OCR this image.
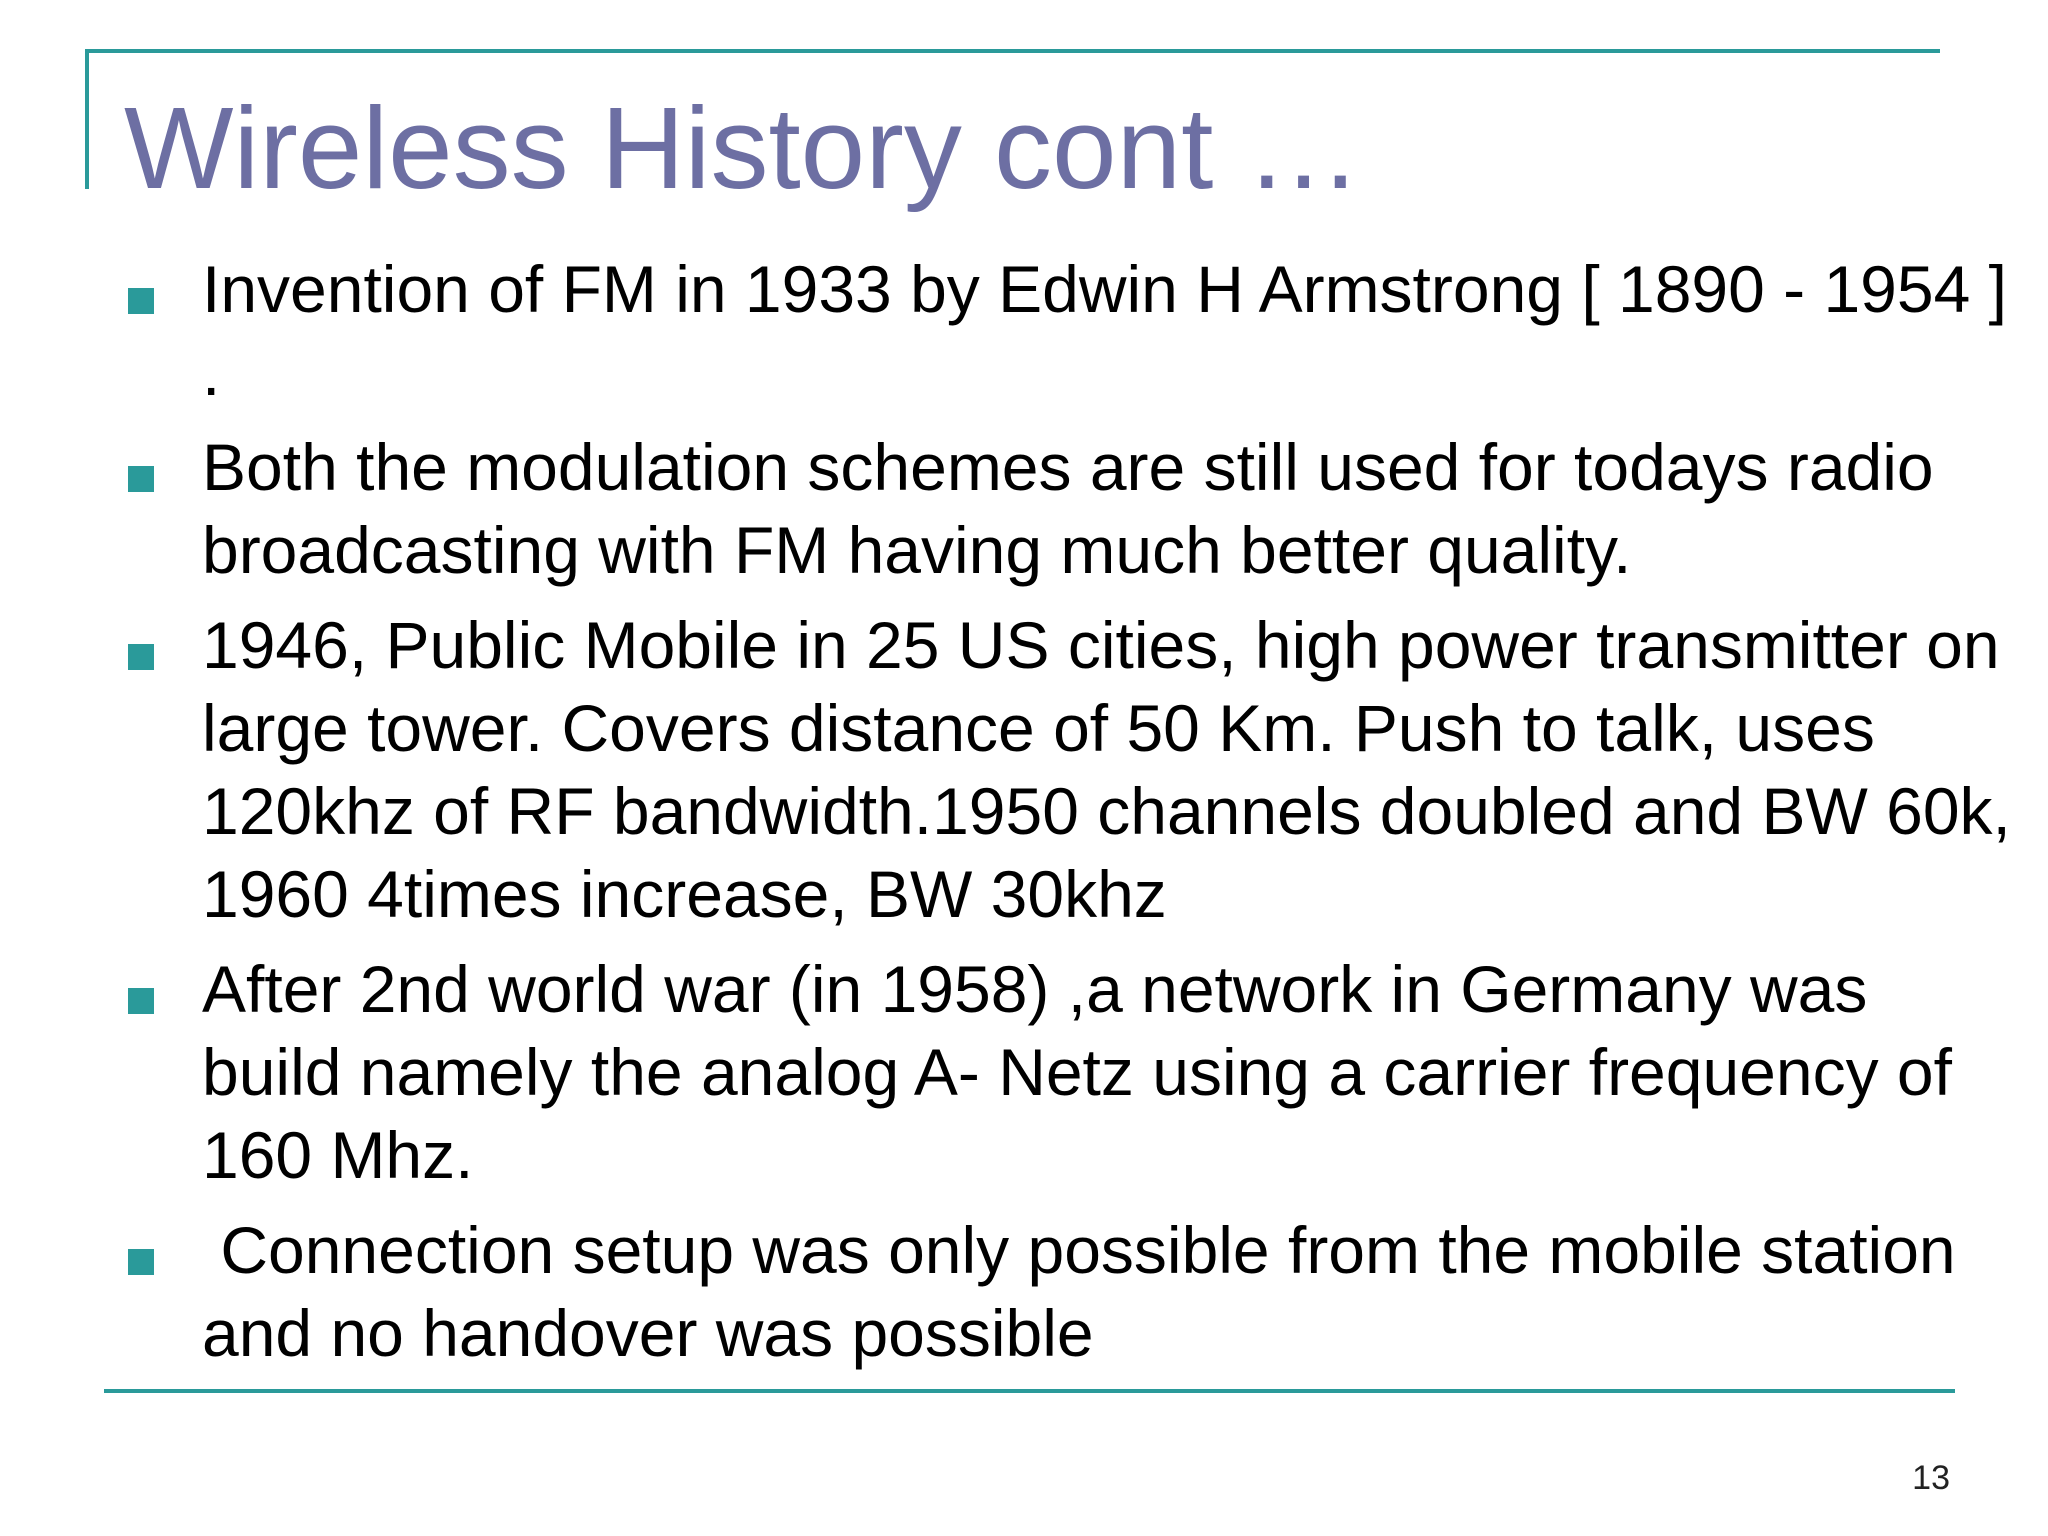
Wireless History cont …
Invention of FM in 1933 by Edwin H Armstrong [ 1890 - 1954 ] .
Both the modulation schemes are still used for todays radio broadcasting with FM having much better quality.
1946, Public Mobile in 25 US cities, high power transmitter on large tower. Covers distance of 50 Km. Push to talk, uses 120khz of RF bandwidth.1950 channels doubled and BW 60k, 1960 4times increase, BW 30khz
After 2nd world war (in 1958) ,a network in Germany was build namely the analog A- Netz using a carrier frequency of 160 Mhz.
Connection setup was only possible from the mobile station and no handover was possible
13
